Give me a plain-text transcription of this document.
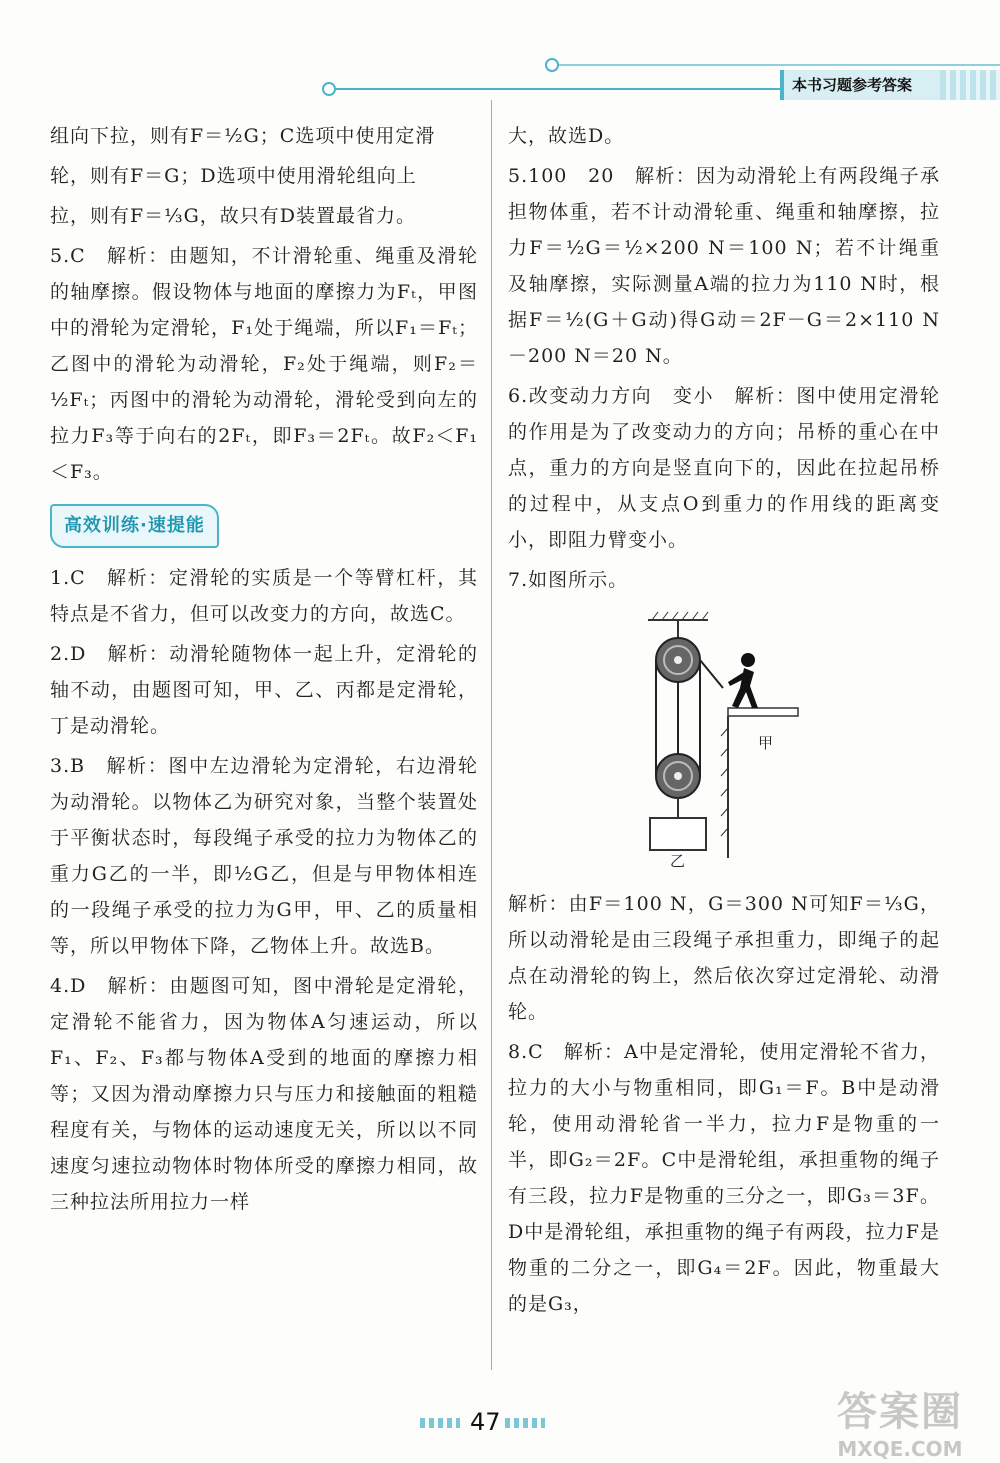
本书习题参考答案

组向下拉，则有F＝½G；C选项中使用定滑

轮，则有F＝G；D选项中使用滑轮组向上

拉，则有F＝⅓G，故只有D装置最省力。

5.C　解析：由题知，不计滑轮重、绳重及滑轮的轴摩擦。假设物体与地面的摩擦力为Fₜ，甲图中的滑轮为定滑轮，F₁处于绳端，所以F₁＝Fₜ；乙图中的滑轮为动滑轮，F₂处于绳端，则F₂＝½Fₜ；丙图中的滑轮为动滑轮，滑轮受到向左的拉力F₃等于向右的2Fₜ，即F₃＝2Fₜ。故F₂＜F₁＜F₃。

高效训练·速提能

1.C　解析：定滑轮的实质是一个等臂杠杆，其特点是不省力，但可以改变力的方向，故选C。

2.D　解析：动滑轮随物体一起上升，定滑轮的轴不动，由题图可知，甲、乙、丙都是定滑轮，丁是动滑轮。

3.B　解析：图中左边滑轮为定滑轮，右边滑轮为动滑轮。以物体乙为研究对象，当整个装置处于平衡状态时，每段绳子承受的拉力为物体乙的重力G乙的一半，即½G乙，但是与甲物体相连的一段绳子承受的拉力为G甲，甲、乙的质量相等，所以甲物体下降，乙物体上升。故选B。

4.D　解析：由题图可知，图中滑轮是定滑轮，定滑轮不能省力，因为物体A匀速运动，所以F₁、F₂、F₃都与物体A受到的地面的摩擦力相等；又因为滑动摩擦力只与压力和接触面的粗糙程度有关，与物体的运动速度无关，所以以不同速度匀速拉动物体时物体所受的摩擦力相同，故三种拉法所用拉力一样

大，故选D。

5.100　20　解析：因为动滑轮上有两段绳子承担物体重，若不计动滑轮重、绳重和轴摩擦，拉力F＝½G＝½×200 N＝100 N；若不计绳重及轴摩擦，实际测量A端的拉力为110 N时，根据F＝½(G＋G动)得G动＝2F－G＝2×110 N－200 N＝20 N。

6.改变动力方向　变小　解析：图中使用定滑轮的作用是为了改变动力的方向；吊桥的重心在中点，重力的方向是竖直向下的，因此在拉起吊桥的过程中，从支点O到重力的作用线的距离变小，即阻力臂变小。

7.如图所示。

甲
乙

解析：由F＝100 N，G＝300 N可知F＝⅓G，所以动滑轮是由三段绳子承担重力，即绳子的起点在动滑轮的钩上，然后依次穿过定滑轮、动滑轮。

8.C　解析：A中是定滑轮，使用定滑轮不省力，拉力的大小与物重相同，即G₁＝F。B中是动滑轮，使用动滑轮省一半力，拉力F是物重的一半，即G₂＝2F。C中是滑轮组，承担重物的绳子有三段，拉力F是物重的三分之一，即G₃＝3F。D中是滑轮组，承担重物的绳子有两段，拉力F是物重的二分之一，即G₄＝2F。因此，物重最大的是G₃，

47	答案圈
MXQE.COM
